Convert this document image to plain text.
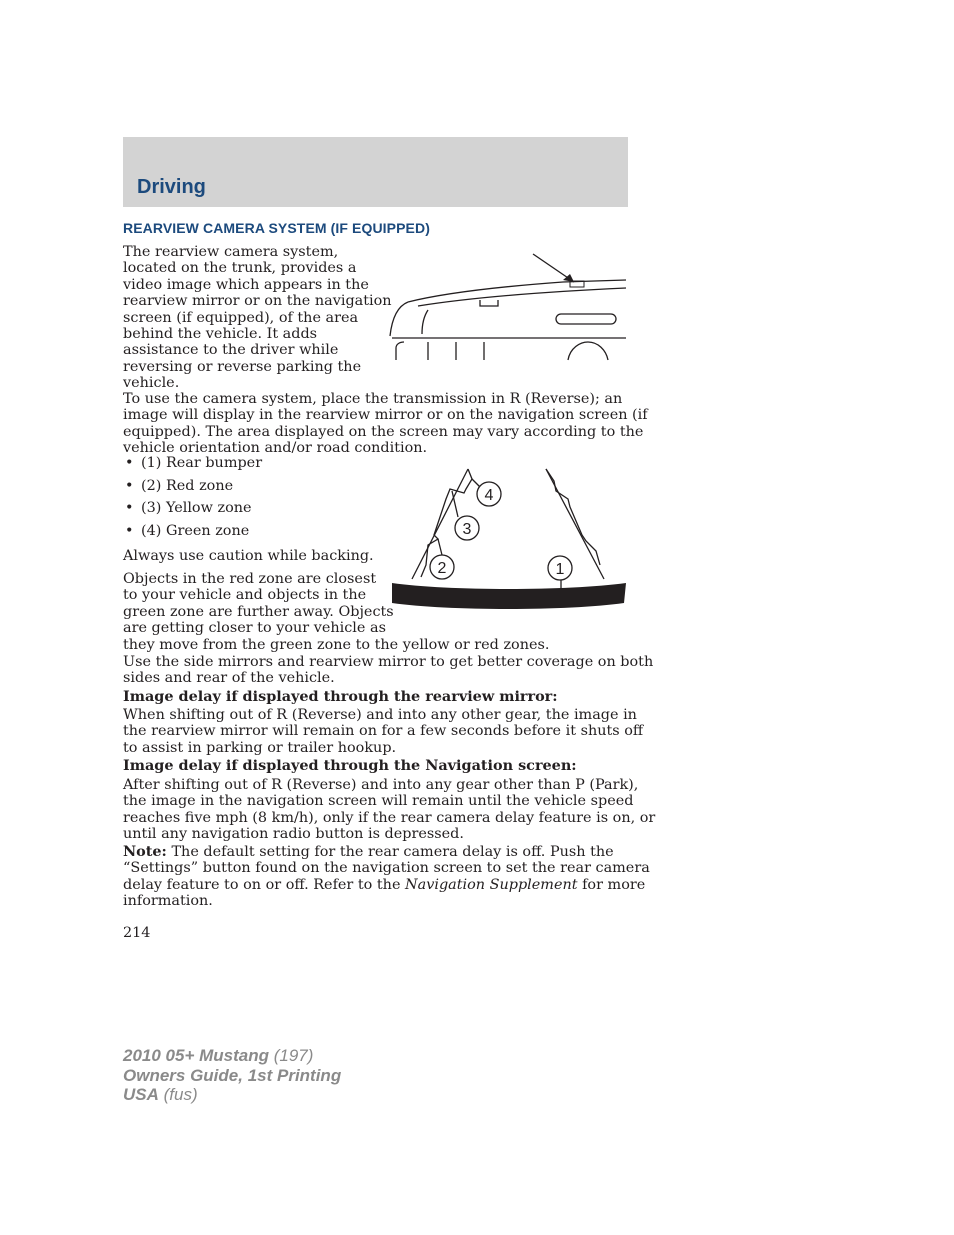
Driving
REARVIEW CAMERA SYSTEM (IF EQUIPPED)
The rearview camera system,
located on the trunk, provides a
video image which appears in the
rearview mirror or on the navigation
screen (if equipped), of the area
behind the vehicle. It adds
assistance to the driver while
reversing or reverse parking the
vehicle.
To use the camera system, place the transmission in R (Reverse); an
image will display in the rearview mirror or on the navigation screen (if
equipped). The area displayed on the screen may vary according to the
vehicle orientation and/or road condition.
• (1) Rear bumper
• (2) Red zone
• (3) Yellow zone
• (4) Green zone
4
3
2	1
Always use caution while backing.
Objects in the red zone are closest
to your vehicle and objects in the
green zone are further away. Objects
are getting closer to your vehicle as
they move from the green zone to the yellow or red zones.
Use the side mirrors and rearview mirror to get better coverage on both
sides and rear of the vehicle.
Image delay if displayed through the rearview mirror:
When shifting out of R (Reverse) and into any other gear, the image in
the rearview mirror will remain on for a few seconds before it shuts off
to assist in parking or trailer hookup.
Image delay if displayed through the Navigation screen:
After shifting out of R (Reverse) and into any gear other than P (Park),
the image in the navigation screen will remain until the vehicle speed
reaches five mph (8 km/h), only if the rear camera delay feature is on, or
until any navigation radio button is depressed.
Note: The default setting for the rear camera delay is off. Push the
“Settings” button found on the navigation screen to set the rear camera
delay feature to on or off. Refer to the Navigation Supplement for more
information.
214
2010 05+ Mustang (197)
Owners Guide, 1st Printing
USA (fus)
